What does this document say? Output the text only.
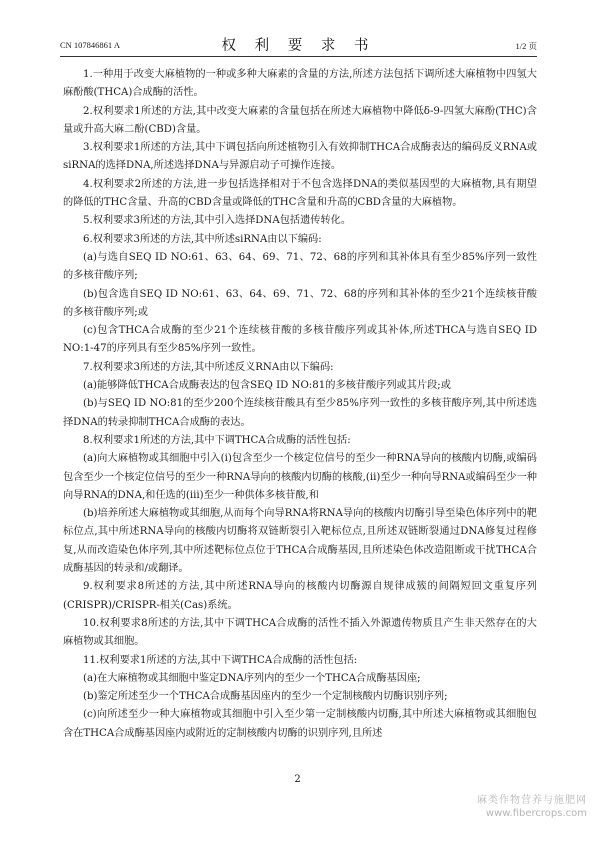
CN 107846861 A	权 利 要 求 书	1/2 页

1.一种用于改变大麻植物的一种或多种大麻素的含量的方法,所述方法包括下调所述大麻植物中四氢大麻酚酸(THCA)合成酶的活性。

2.权利要求1所述的方法,其中改变大麻素的含量包括在所述大麻植物中降低δ-9-四氢大麻酚(THC)含量或升高大麻二酚(CBD)含量。

3.权利要求1所述的方法,其中下调包括向所述植物引入有效抑制THCA合成酶表达的编码反义RNA或siRNA的选择DNA,所述选择DNA与异源启动子可操作连接。

4.权利要求2所述的方法,进一步包括选择相对于不包含选择DNA的类似基因型的大麻植物,具有期望的降低的THC含量、升高的CBD含量或降低的THC含量和升高的CBD含量的大麻植物。

5.权利要求3所述的方法,其中引入选择DNA包括遗传转化。

6.权利要求3所述的方法,其中所述siRNA由以下编码:

(a)与选自SEQ ID NO:61、63、64、69、71、72、68的序列和其补体具有至少85%序列一致性的多核苷酸序列;

(b)包含选自SEQ ID NO:61、63、64、69、71、72、68的序列和其补体的至少21个连续核苷酸的多核苷酸序列;或

(c)包含THCA合成酶的至少21个连续核苷酸的多核苷酸序列或其补体,所述THCA与选自SEQ ID NO:1-47的序列具有至少85%序列一致性。

7.权利要求3所述的方法,其中所述反义RNA由以下编码:

(a)能够降低THCA合成酶表达的包含SEQ ID NO:81的多核苷酸序列或其片段;或

(b)与SEQ ID NO:81的至少200个连续核苷酸具有至少85%序列一致性的多核苷酸序列,其中所述选择DNA的转录抑制THCA合成酶的表达。

8.权利要求1所述的方法,其中下调THCA合成酶的活性包括:

(a)向大麻植物或其细胞中引入(i)包含至少一个核定位信号的至少一种RNA导向的核酸内切酶,或编码包含至少一个核定位信号的至少一种RNA导向的核酸内切酶的核酸,(ii)至少一种向导RNA或编码至少一种向导RNA的DNA,和任选的(iii)至少一种供体多核苷酸,和

(b)培养所述大麻植物或其细胞,从而每个向导RNA将RNA导向的核酸内切酶引导至染色体序列中的靶标位点,其中所述RNA导向的核酸内切酶将双链断裂引入靶标位点,且所述双链断裂通过DNA修复过程修复,从而改造染色体序列,其中所述靶标位点位于THCA合成酶基因,且所述染色体改造阻断或干扰THCA合成酶基因的转录和/或翻译。

9.权利要求8所述的方法,其中所述RNA导向的核酸内切酶源自规律成簇的间隔短回文重复序列(CRISPR)/CRISPR-相关(Cas)系统。

10.权利要求8所述的方法,其中下调THCA合成酶的活性不插入外源遗传物质且产生非天然存在的大麻植物或其细胞。

11.权利要求1所述的方法,其中下调THCA合成酶的活性包括:

(a)在大麻植物或其细胞中鉴定DNA序列内的至少一个THCA合成酶基因座;

(b)鉴定所述至少一个THCA合成酶基因座内的至少一个定制核酸内切酶识别序列;

(c)向所述至少一种大麻植物或其细胞中引入至少第一定制核酸内切酶,其中所述大麻植物或其细胞包含在THCA合成酶基因座内或附近的定制核酸内切酶的识别序列,且所述

2
麻类作物营养与施肥网
www.fibercrops.com
